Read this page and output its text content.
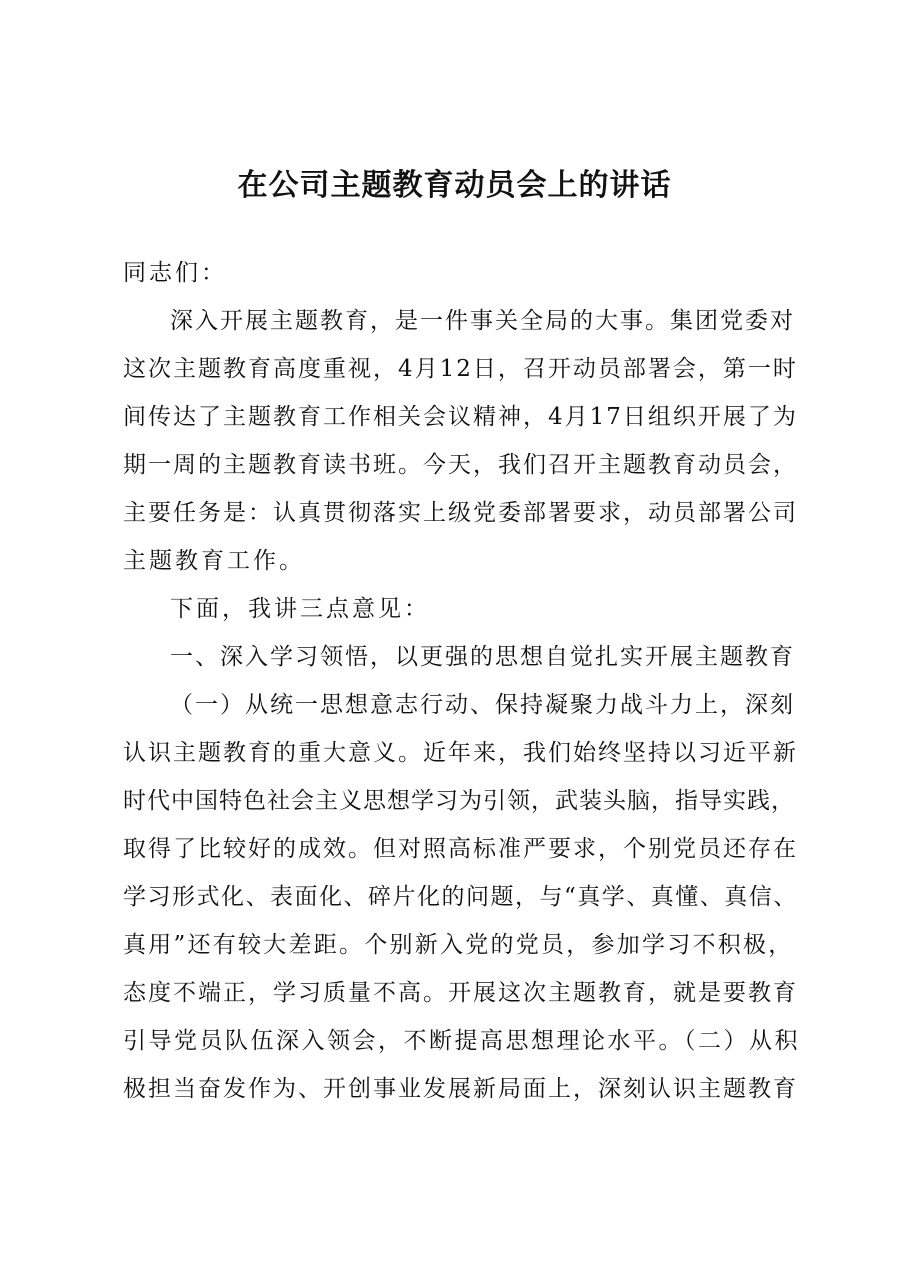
在公司主题教育动员会上的讲话
同志们：
深入开展主题教育，是一件事关全局的大事。集团党委对
这次主题教育高度重视，4月12日，召开动员部署会，第一时
间传达了主题教育工作相关会议精神，4月17日组织开展了为
期一周的主题教育读书班。今天，我们召开主题教育动员会，
主要任务是：认真贯彻落实上级党委部署要求，动员部署公司
主题教育工作。
下面，我讲三点意见：
一、深入学习领悟，以更强的思想自觉扎实开展主题教育
（一）从统一思想意志行动、保持凝聚力战斗力上，深刻
认识主题教育的重大意义。近年来，我们始终坚持以习近平新
时代中国特色社会主义思想学习为引领，武装头脑，指导实践，
取得了比较好的成效。但对照高标准严要求，个别党员还存在
学习形式化、表面化、碎片化的问题，与“真学、真懂、真信、
真用”还有较大差距。个别新入党的党员，参加学习不积极，
态度不端正，学习质量不高。开展这次主题教育，就是要教育
引导党员队伍深入领会，不断提高思想理论水平。（二）从积
极担当奋发作为、开创事业发展新局面上，深刻认识主题教育
